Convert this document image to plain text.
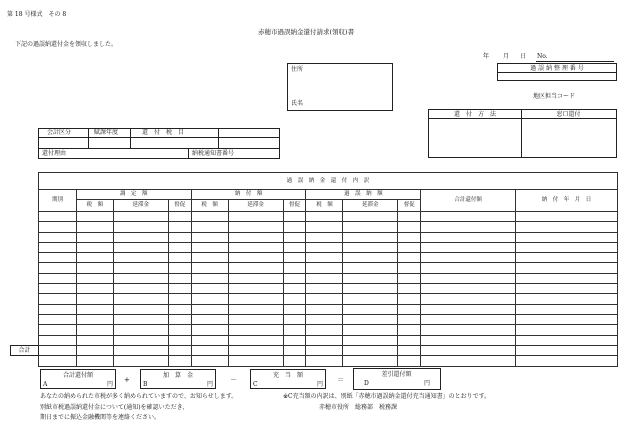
第 18 号様式　その 8
赤穂市過誤納金還付請求(領収)書
下記の過誤納還付金を領収しました。
年 月 日 No.
過 誤 納 整 理 番 号
住所
氏名
地区担当コード
還　付　方　法	窓口還付
会計区分	賦課年度	還　付　税　目
還付理由	納税通知書番号
過　誤　納　金　還　付　内　訳											
期別	調　定　額			納　付　額			過　誤　納　額			合計還付額	納　付　年　月　日
	税　額	延滞金	督促	税　額	延滞金	督促	税　額	延滞金	督促		

合計
合計還付額
A	円
+
加　算　金
B	円
－
充　当　額
C	円
＝
差引還付額
D	円
あなたの納められた市税が多く納められていますので、お知らせします。	※C充当額の内訳は、別紙「赤穂市過誤納金還付充当通知書」のとおりです。
別紙市税過誤納還付金について(通知)を確認いただき、	赤穂市役所　総務部　税務課
期日までに振込金融機関等を連絡ください。
